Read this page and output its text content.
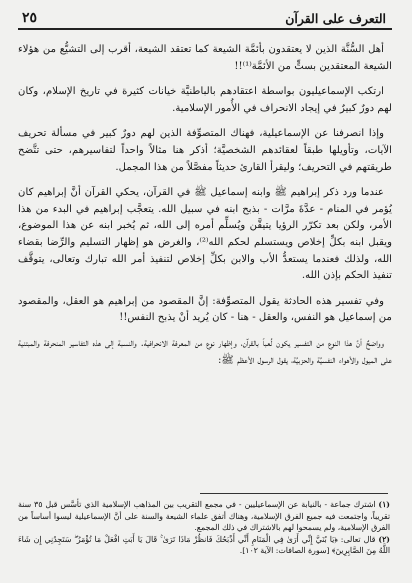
التعرف على القرآن
٢٥

أهل السُّنَّة الذين لا يعتقدون بأئمَّة الشيعة كما تعتقد الشيعة، أقرب إلى التشيُّع من هؤلاء الشيعة المعتقدين بستٍّ من الأئمَّة⁽¹⁾!!

ارتكب الإسماعيليون بواسطة اعتقادهم بالباطنيَّة خيانات كثيرة في تاريخ الإسلام، وكان لهم دورٌ كبيرٌ في إيجاد الانحراف في الأُمور الإسلامية.

وإذا انصرفنا عن الإسماعيلية، فهناك المتصوِّفة الذين لهم دورٌ كبير في مسألة تحريف الآيات، وتأويلها طبقاً لعقائدهم الشخصيَّة؛ أذكر هنا مثالاً واحداً لتفاسيرهم، حتى تتَّضح طريقتهم في التحريف؛ وليقرأ القارئ حديثاً مفصَّلاً من هذا المجمل.

عندما ورد ذكر إبراهيم ﷺ وابنه إسماعيل ﷺ في القرآن، يحكي القرآن أنَّ إبراهيم كان يُؤمر في المنام - عدَّةَ مرَّات - بذبح ابنه في سبيل الله. يتعجَّب إبراهيم في البدء من هذا الأمر، ولكن بعد تكرّر الرؤيا يتيقَّن ويُسلِّم أمره إلى الله، ثم يُخبر ابنه عن هذا الموضوع، ويقبل ابنه بكلِّ إخلاص ويستسلم لحكم الله⁽²⁾، والغرض هو إظهار التسليم والرِّضا بقضاء الله، ولذلك فعندما يستعدُّ الأب والابن بكلِّ إخلاص لتنفيذ أمر الله تبارك وتعالى، يتوقَّف تنفيذ الحكم بإذن الله.

وفي تفسير هذه الحادثة يقول المتصوِّفة: إنَّ المقصود من إبراهيم هو العقل، والمقصود من إسماعيل هو النفس، والعقل - هنا - كان يُريد أنْ يذبح النفس!!

وواضحٌ أنَّ هذا النوع من التفسير يكون لُعباً بالقرآن، وإظهار نوع من المعرفة الانحرافية. والنسبة إلى هذه التفاسير المنحرفة والمبتنية على الميول والأهواء النفسيَّة والحزبيَّة، يقول الرسول الأعظم ﷺ:

(١) اشترك جماعة - بالنيابة عن الإسماعيليين - في مجمع التقريب بين المذاهب الإسلامية الذي تأسَّس قبل ٣٥ سنة تقريباً، واجتمعت فيه جميع الفرق الإسلامية، وهناك أتفق علماء الشيعة والسنة على أنَّ الإسماعيلية ليسوا أساساً من الفرق الإسلامية، ولم يسمحوا لهم بالاشتراك في ذلك المجمع.

(٢) قال تعالى: ﴿يَا بُنَيَّ إِنِّي أَرَىٰ فِي الْمَنَامِ أَنِّي أَذْبَحُكَ فَانظُرْ مَاذَا تَرَىٰ ۚ قَالَ يَا أَبَتِ افْعَلْ مَا تُؤْمَرُ ۖ سَتَجِدُنِي إِن شَاءَ اللَّهُ مِنَ الصَّابِرِينَ﴾ [سورة الصافات: الآية ١٠٢].
